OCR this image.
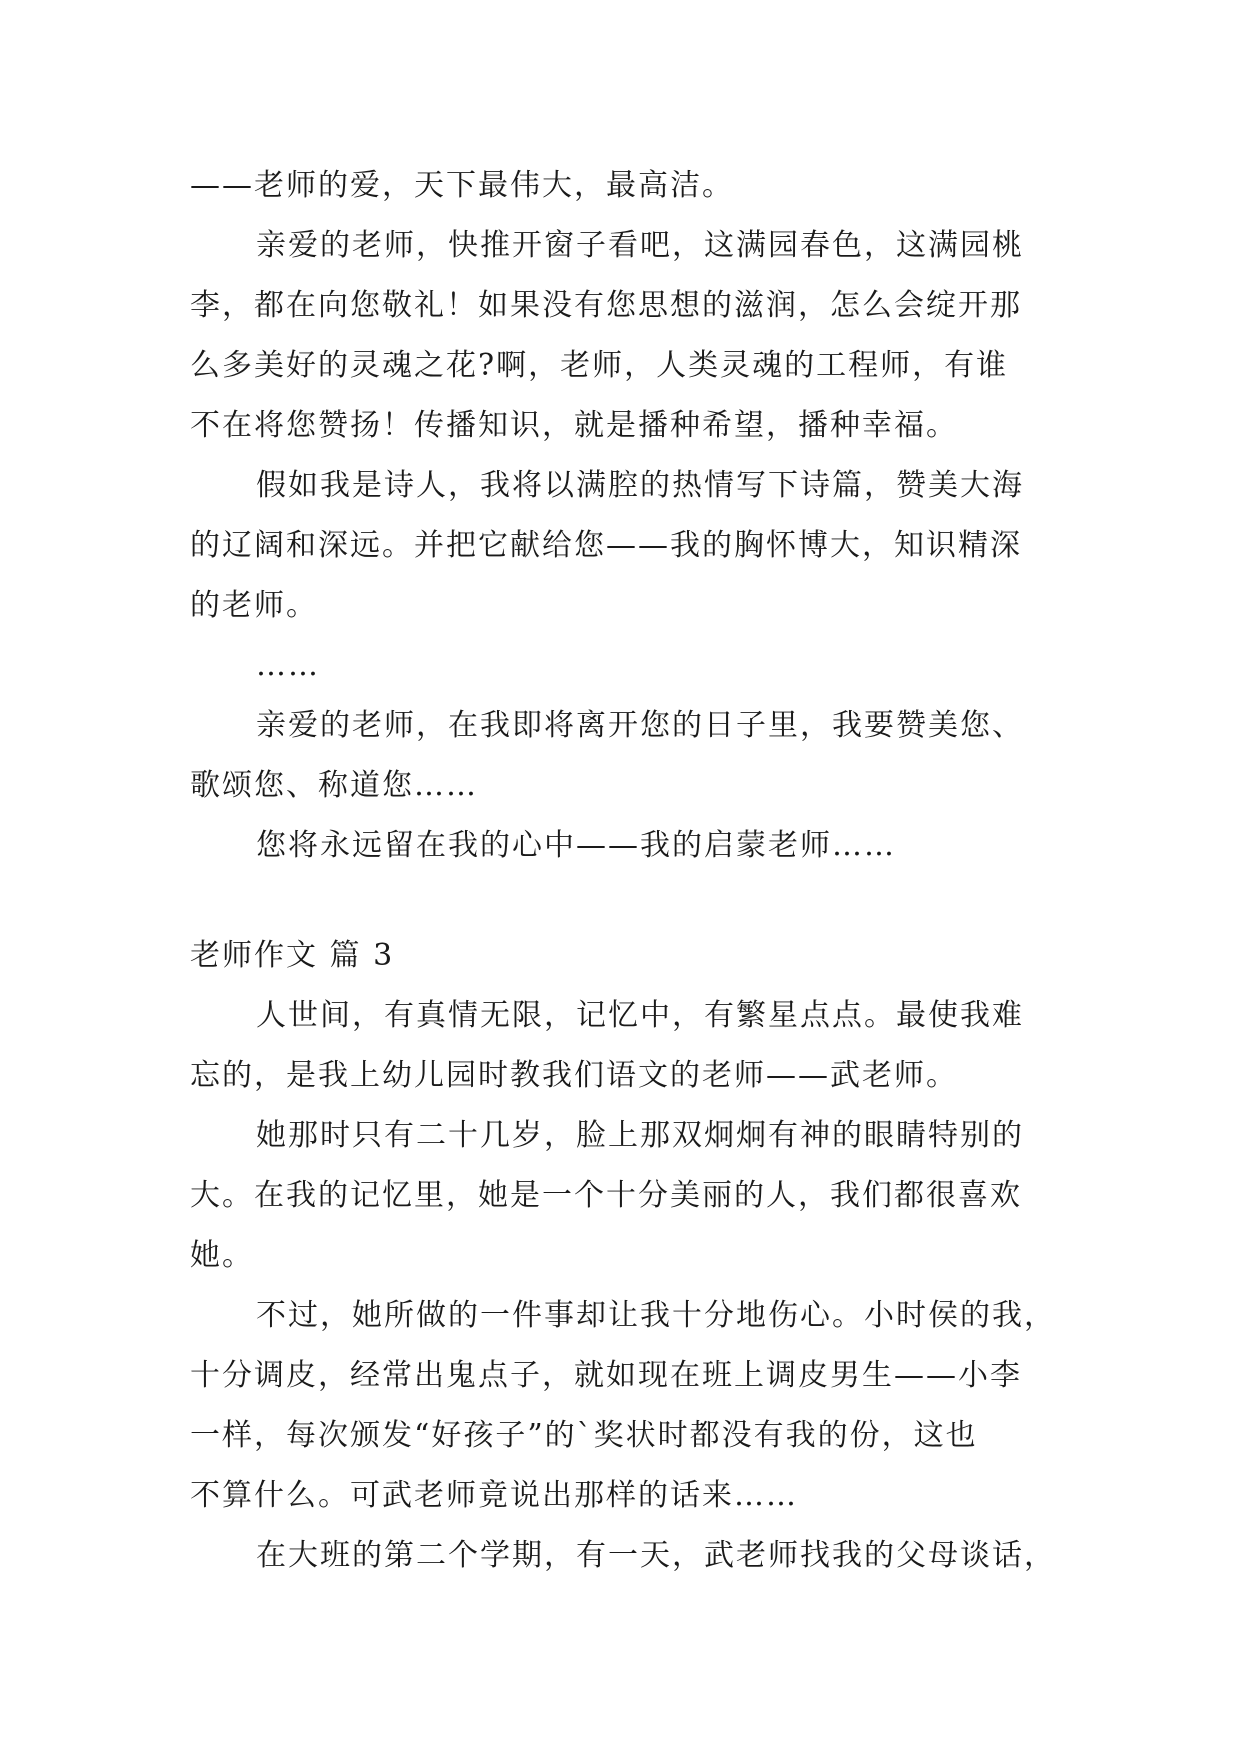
——老师的爱，天下最伟大，最高洁。
亲爱的老师，快推开窗子看吧，这满园春色，这满园桃
李，都在向您敬礼！如果没有您思想的滋润，怎么会绽开那
么多美好的灵魂之花?啊，老师，人类灵魂的工程师，有谁
不在将您赞扬！传播知识，就是播种希望，播种幸福。
假如我是诗人，我将以满腔的热情写下诗篇，赞美大海
的辽阔和深远。并把它献给您——我的胸怀博大，知识精深
的老师。
……
亲爱的老师，在我即将离开您的日子里，我要赞美您、
歌颂您、称道您……
您将永远留在我的心中——我的启蒙老师……
老师作文 篇 3
人世间，有真情无限，记忆中，有繁星点点。最使我难
忘的，是我上幼儿园时教我们语文的老师——武老师。
她那时只有二十几岁，脸上那双炯炯有神的眼睛特别的
大。在我的记忆里，她是一个十分美丽的人，我们都很喜欢
她。
不过，她所做的一件事却让我十分地伤心。小时侯的我，
十分调皮，经常出鬼点子，就如现在班上调皮男生——小李
一样，每次颁发“好孩子”的`奖状时都没有我的份，这也
不算什么。可武老师竟说出那样的话来……
在大班的第二个学期，有一天，武老师找我的父母谈话，
